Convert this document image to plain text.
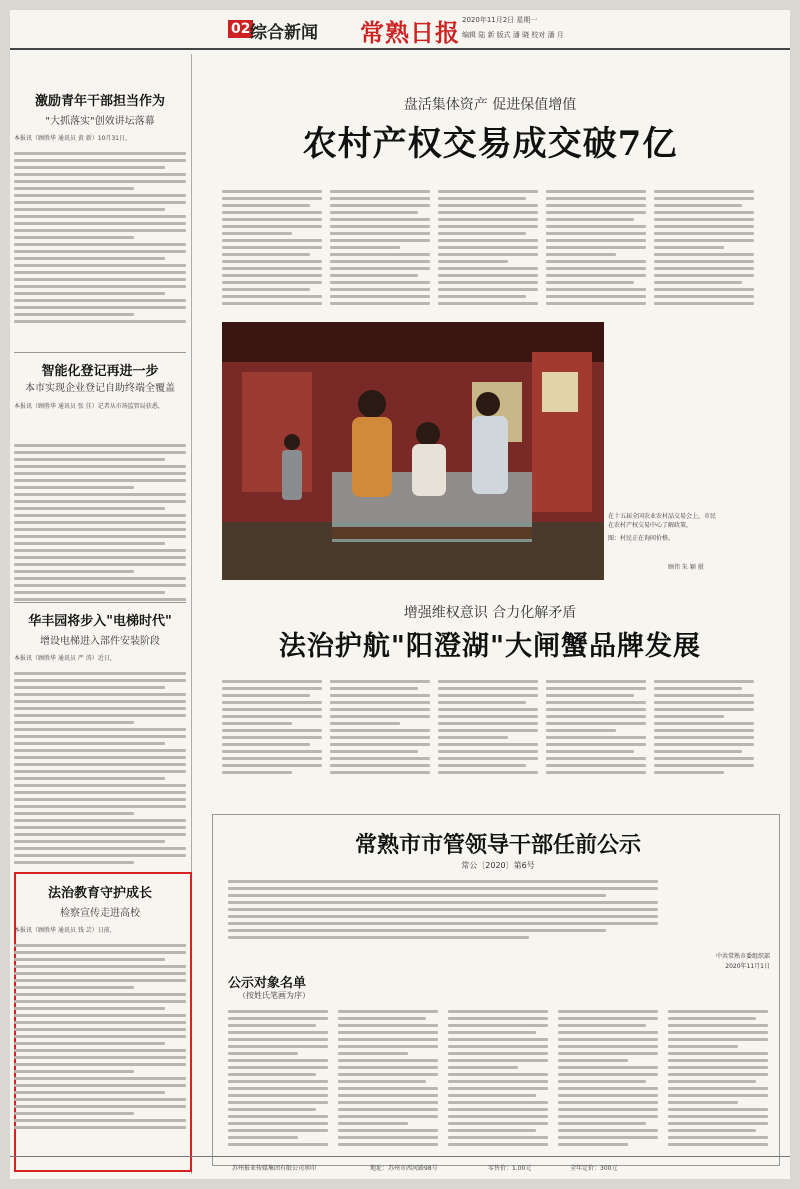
02 综合新闻 常熟日报 2020年11月2日 星期一
编辑 陆 新 版式 潘 晓 校对 潘 月
激励青年干部担当作为
"大抓落实"创效讲坛落幕
本报讯（顾胜华 通讯员 黄 新）10月31日，
智能化登记再进一步
本市实现企业登记自助终端全覆盖
本报讯（顾胜华 通讯员 张 佳）记者从市场监管局获悉，
华丰园将步入"电梯时代"
增设电梯进入部件安装阶段
本报讯（顾胜华 通讯员 严 涛）近日，
法治教育守护成长
检察宣传走进高校
本报讯（顾胜华 通讯员 钱 芸）日前，
盘活集体资产 促进保值增值
农村产权交易成交破7亿
在十五届全国农业农村品交易会上，市民在农村产权交易中心了解政策，
图：村民正在询问价格。
顾伟 朱 颖 摄
增强维权意识 合力化解矛盾
法治护航"阳澄湖"大闸蟹品牌发展
常熟市市管领导干部任前公示
常公〔2020〕第6号
中共常熟市委组织部
2020年11月1日
公示对象名单
（按姓氏笔画为序）
苏州报业传媒集团有限公司承印	地址：苏州市西河路98号	零售价：1.00元	全年定价：300元
